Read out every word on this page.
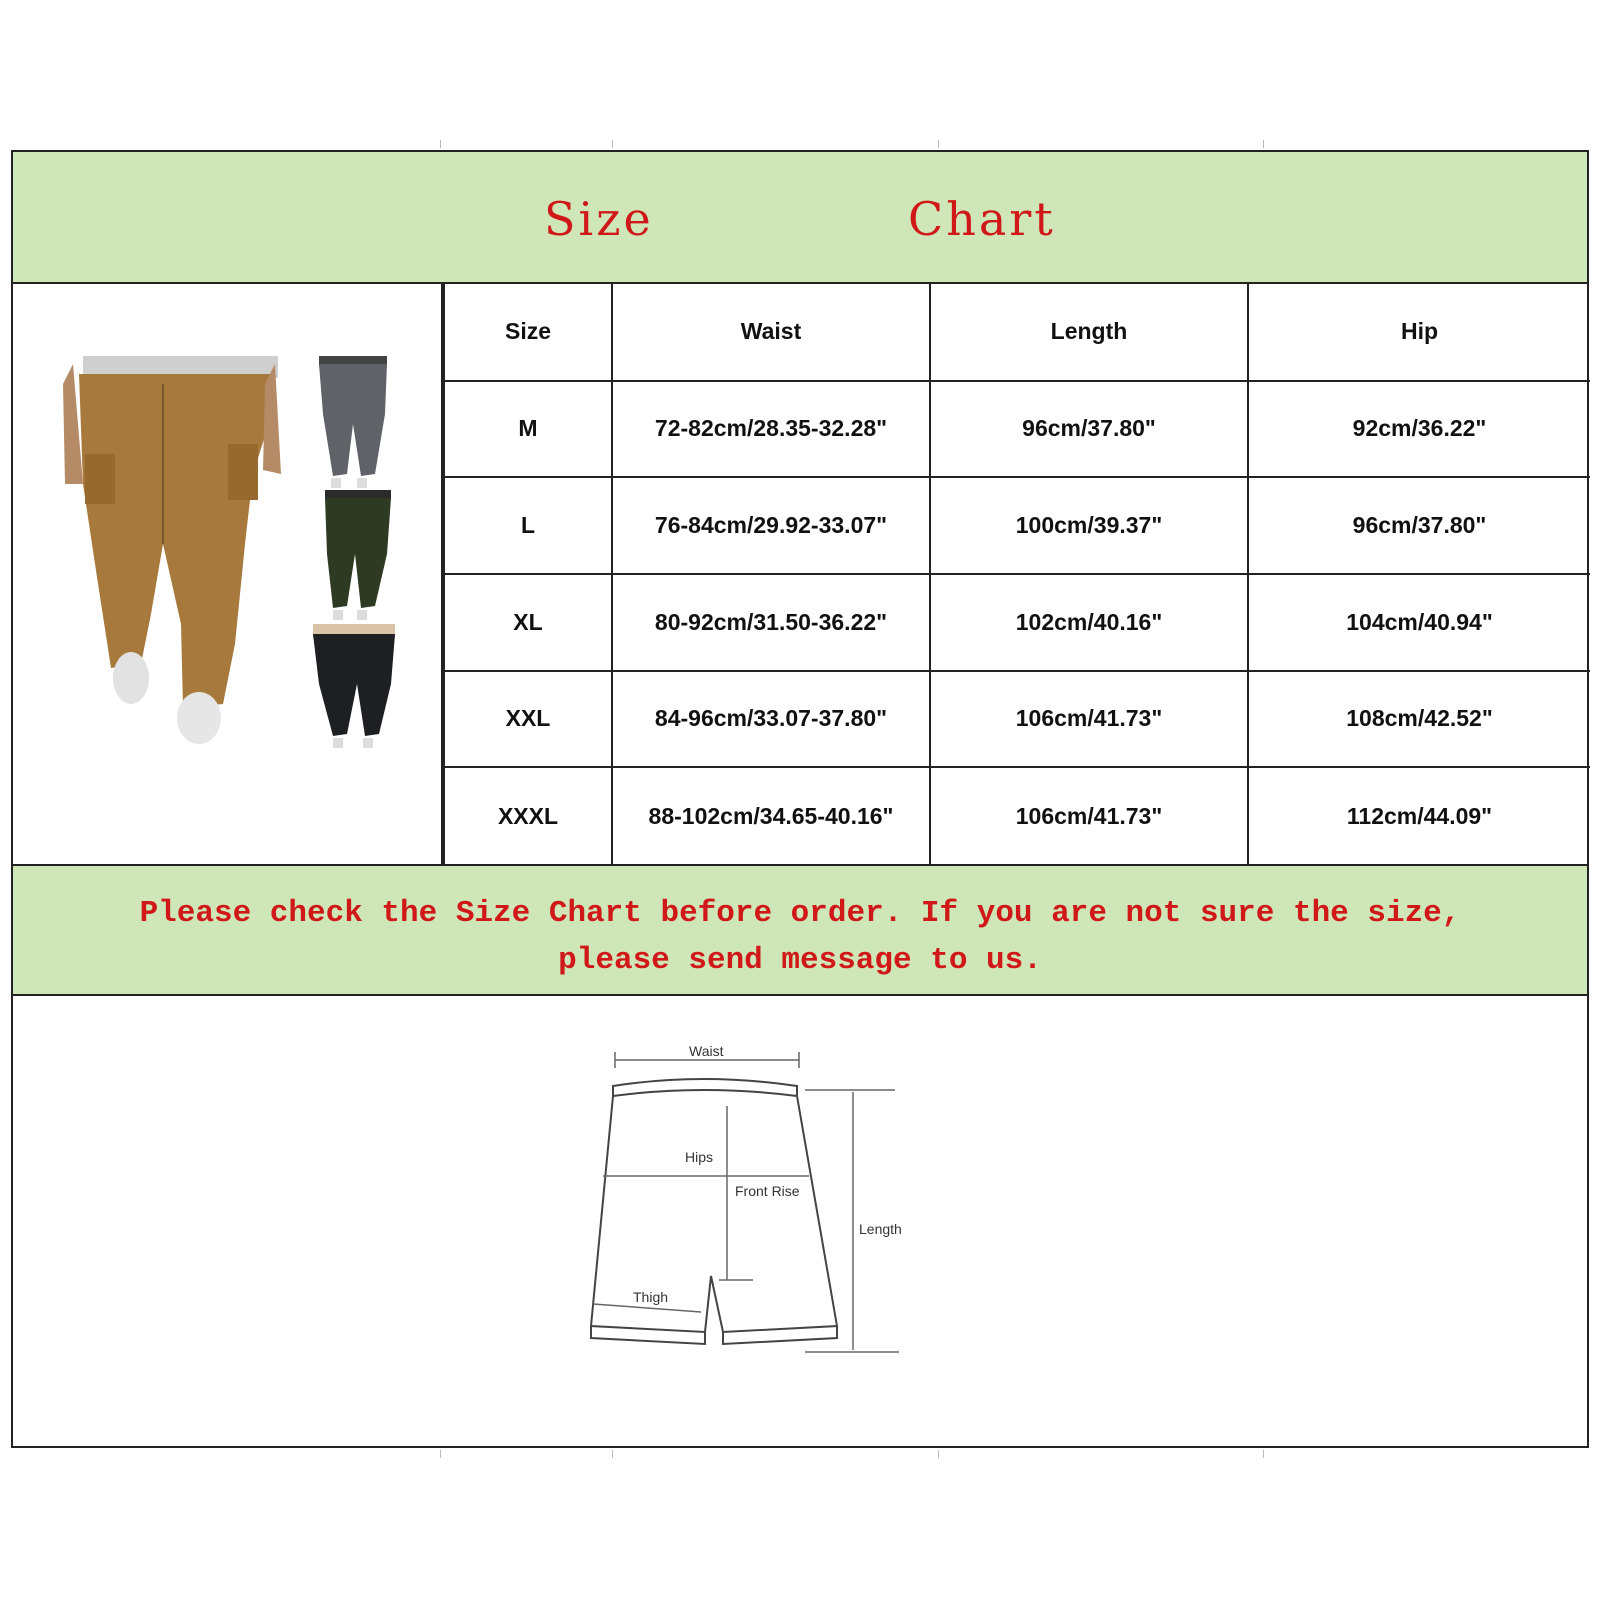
Size	Chart
Size	Waist	Length	Hip
M	72-82cm/28.35-32.28"	96cm/37.80"	92cm/36.22"
L	76-84cm/29.92-33.07"	100cm/39.37"	96cm/37.80"
XL	80-92cm/31.50-36.22"	102cm/40.16"	104cm/40.94"
XXL	84-96cm/33.07-37.80"	106cm/41.73"	108cm/42.52"
XXXL	88-102cm/34.65-40.16"	106cm/41.73"	112cm/44.09"
Please check the Size Chart before order. If you are not sure the size,
please send message to us.
Waist
Hips
Front Rise
Length
Thigh
